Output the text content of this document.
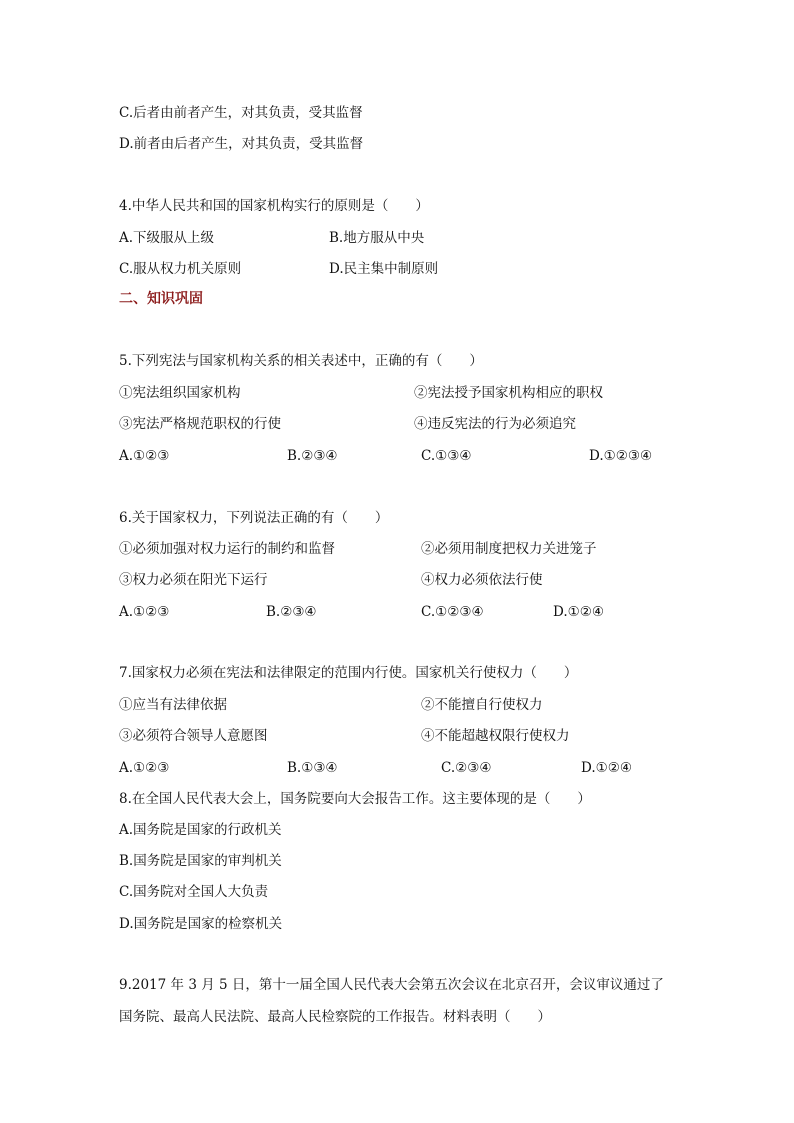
C.后者由前者产生，对其负责，受其监督
D.前者由后者产生，对其负责，受其监督
4.中华人民共和国的国家机构实行的原则是（　　）
A.下级服从上级	B.地方服从中央
C.服从权力机关原则	D.民主集中制原则
二、知识巩固
5.下列宪法与国家机构关系的相关表述中，正确的有（　　）
①宪法组织国家机构	②宪法授予国家机构相应的职权
③宪法严格规范职权的行使	④违反宪法的行为必须追究
A.①②③	B.②③④	C.①③④	D.①②③④
6.关于国家权力，下列说法正确的有（　　）
①必须加强对权力运行的制约和监督	②必须用制度把权力关进笼子
③权力必须在阳光下运行	④权力必须依法行使
A.①②③	B.②③④	C.①②③④	D.①②④
7.国家权力必须在宪法和法律限定的范围内行使。国家机关行使权力（　　）
①应当有法律依据	②不能擅自行使权力
③必须符合领导人意愿图	④不能超越权限行使权力
A.①②③	B.①③④	C.②③④	D.①②④
8.在全国人民代表大会上，国务院要向大会报告工作。这主要体现的是（　　）
A.国务院是国家的行政机关
B.国务院是国家的审判机关
C.国务院对全国人大负责
D.国务院是国家的检察机关
9.2017 年 3 月 5 日，第十一届全国人民代表大会第五次会议在北京召开，会议审议通过了
国务院、最高人民法院、最高人民检察院的工作报告。材料表明（　　）
